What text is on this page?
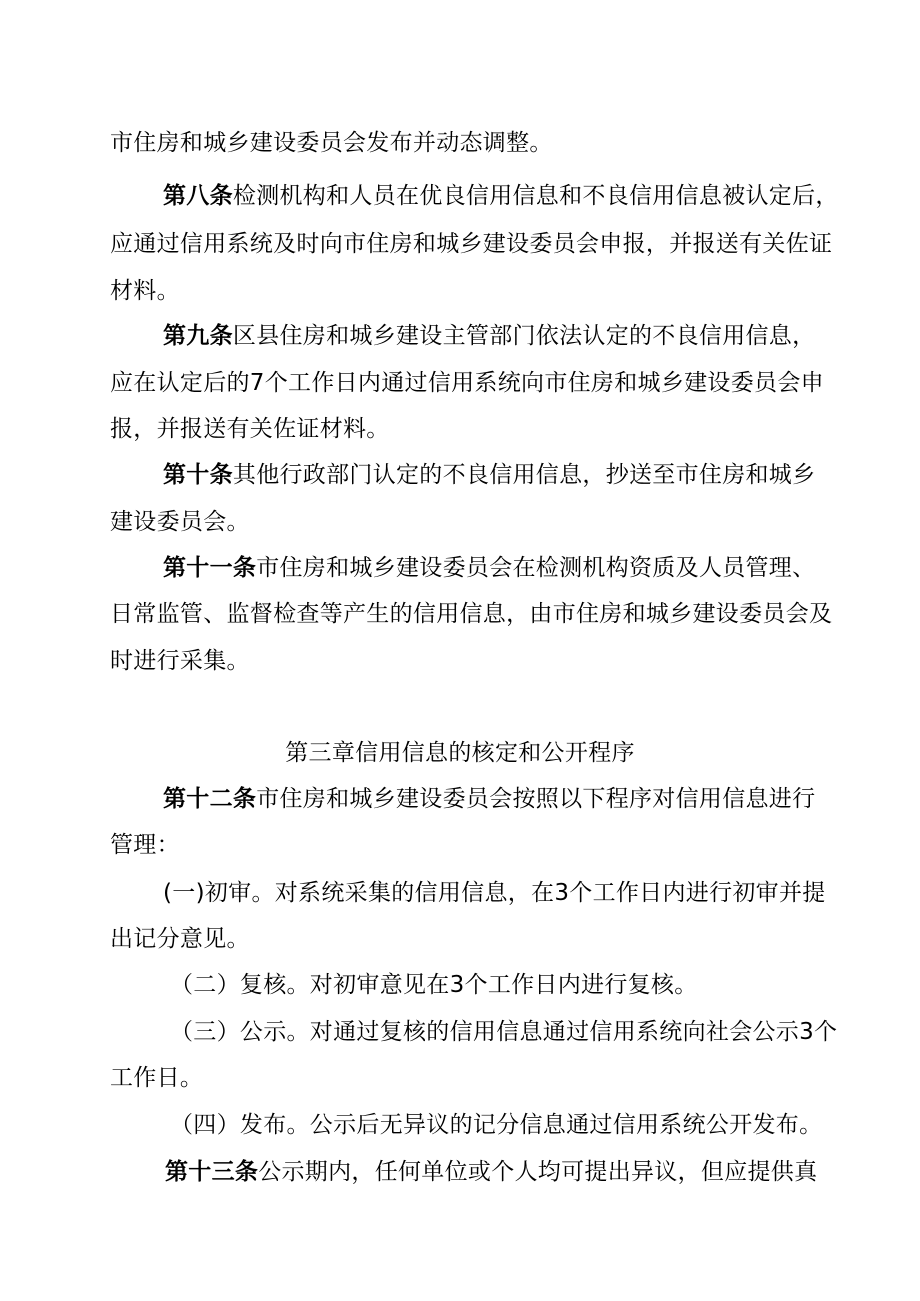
市住房和城乡建设委员会发布并动态调整。
第八条检测机构和人员在优良信用信息和不良信用信息被认定后，
应通过信用系统及时向市住房和城乡建设委员会申报，并报送有关佐证
材料。
第九条区县住房和城乡建设主管部门依法认定的不良信用信息，
应在认定后的7个工作日内通过信用系统向市住房和城乡建设委员会申
报，并报送有关佐证材料。
第十条其他行政部门认定的不良信用信息，抄送至市住房和城乡
建设委员会。
第十一条市住房和城乡建设委员会在检测机构资质及人员管理、
日常监管、监督检查等产生的信用信息，由市住房和城乡建设委员会及
时进行采集。
第三章信用信息的核定和公开程序
第十二条市住房和城乡建设委员会按照以下程序对信用信息进行
管理：
(一)初审。对系统采集的信用信息，在3个工作日内进行初审并提
出记分意见。
（二）复核。对初审意见在3个工作日内进行复核。
（三）公示。对通过复核的信用信息通过信用系统向社会公示3个
工作日。
（四）发布。公示后无异议的记分信息通过信用系统公开发布。
第十三条公示期内，任何单位或个人均可提出异议，但应提供真
